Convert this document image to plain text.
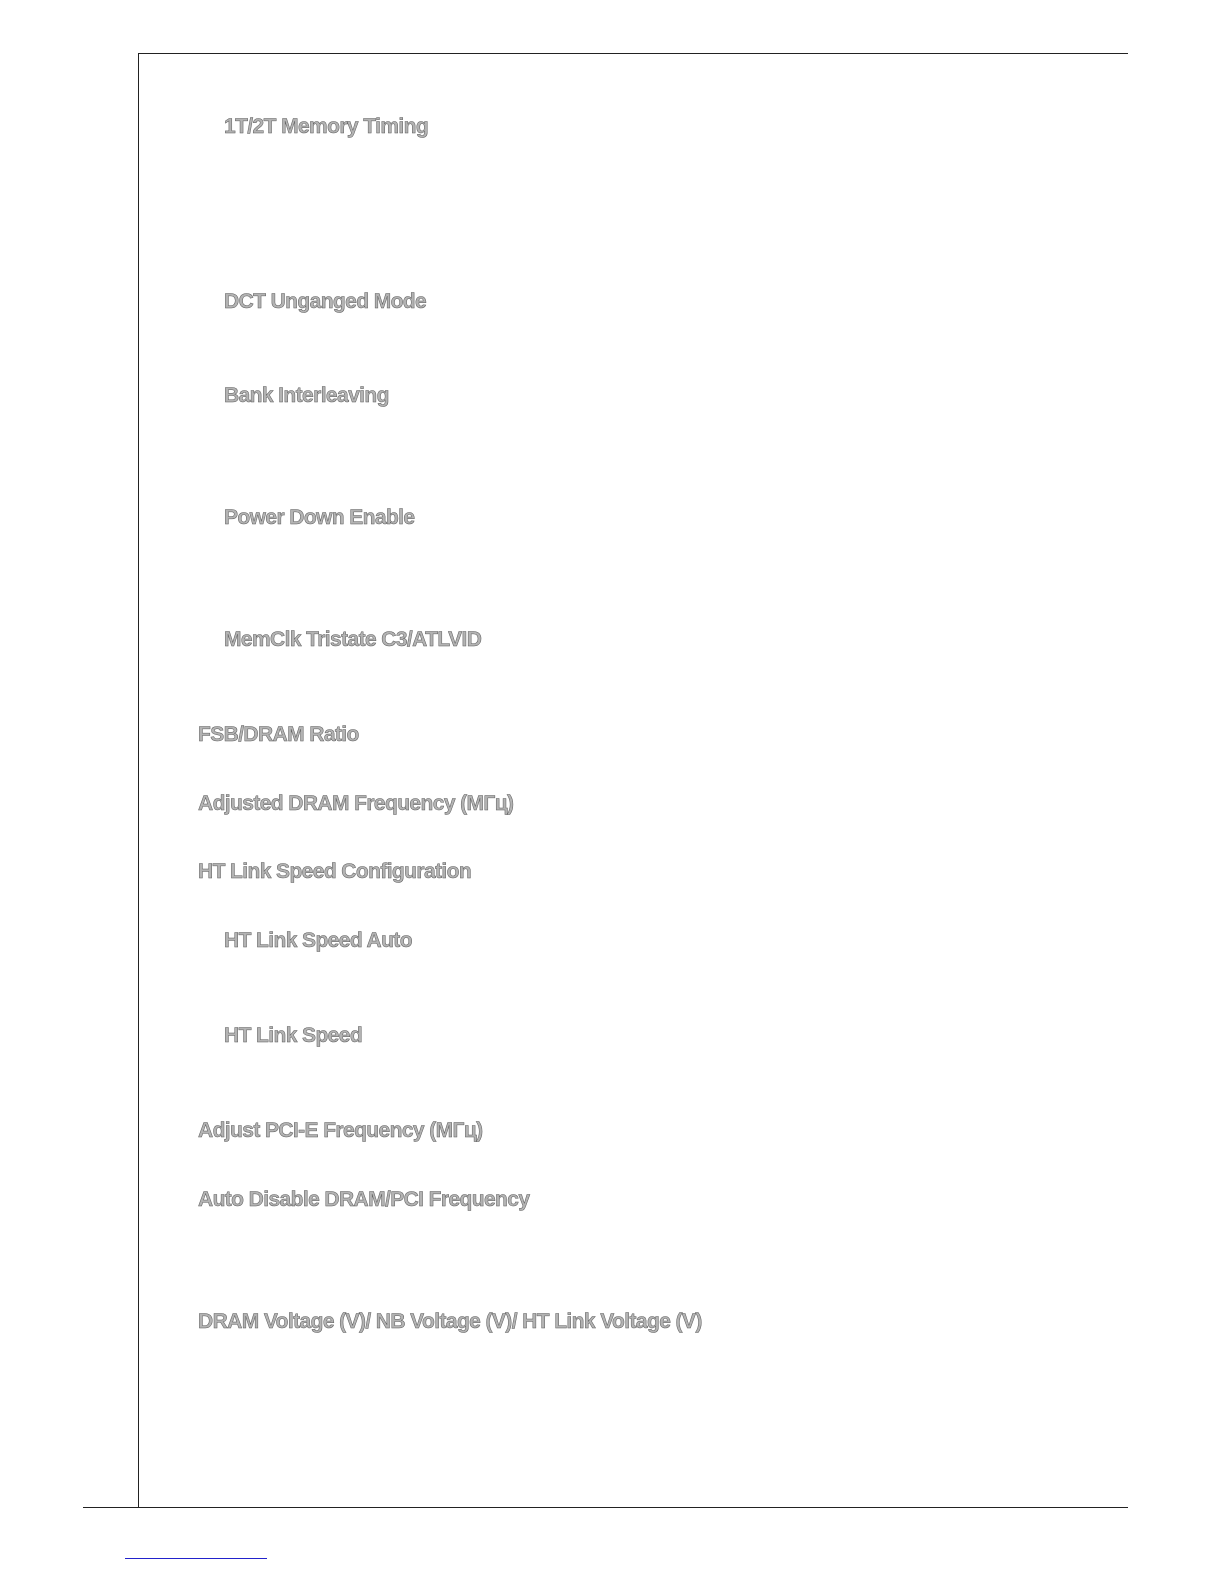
1T/2T Memory Timing
DCT Unganged Mode
Bank Interleaving
Power Down Enable
MemClk Tristate C3/ATLVID
FSB/DRAM Ratio
Adjusted DRAM Frequency (МГц)
HT Link Speed Configuration
HT Link Speed Auto
HT Link Speed
Adjust PCI-E Frequency (МГц)
Auto Disable DRAM/PCI Frequency
DRAM Voltage (V)/ NB Voltage (V)/ HT Link Voltage (V)
